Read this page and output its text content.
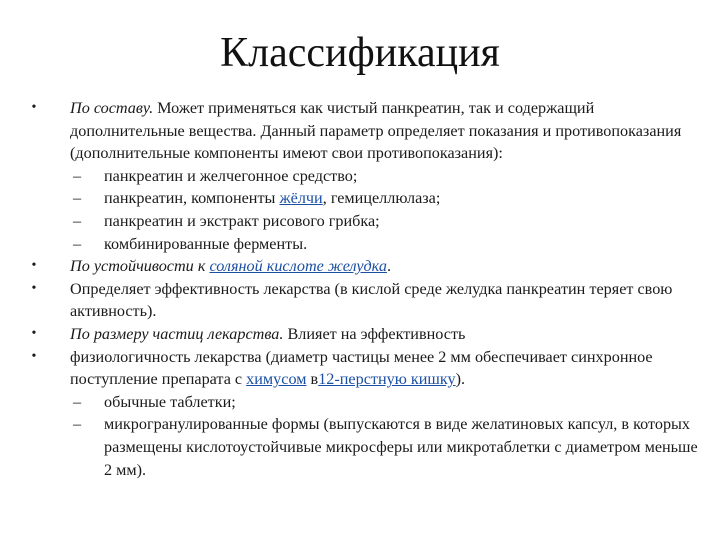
Классификация
• По составу. Может применяться как чистый панкреатин, так и содержащий дополнительные вещества. Данный параметр определяет показания и противопоказания (дополнительные компоненты имеют свои противопоказания):
– панкреатин и желчегонное средство;
– панкреатин, компоненты жёлчи, гемицеллюлаза;
– панкреатин и экстракт рисового грибка;
– комбинированные ферменты.
• По устойчивости к соляной кислоте желудка.
• Определяет эффективность лекарства (в кислой среде желудка панкреатин теряет свою активность).
• По размеру частиц лекарства. Влияет на эффективность
• физиологичность лекарства (диаметр частицы менее 2 мм обеспечивает синхронное поступление препарата с химусом в12-перстную кишку).
– обычные таблетки;
– микрогранулированные формы (выпускаются в виде желатиновых капсул, в которых размещены кислотоустойчивые микросферы или микротаблетки с диаметром меньше 2 мм).
